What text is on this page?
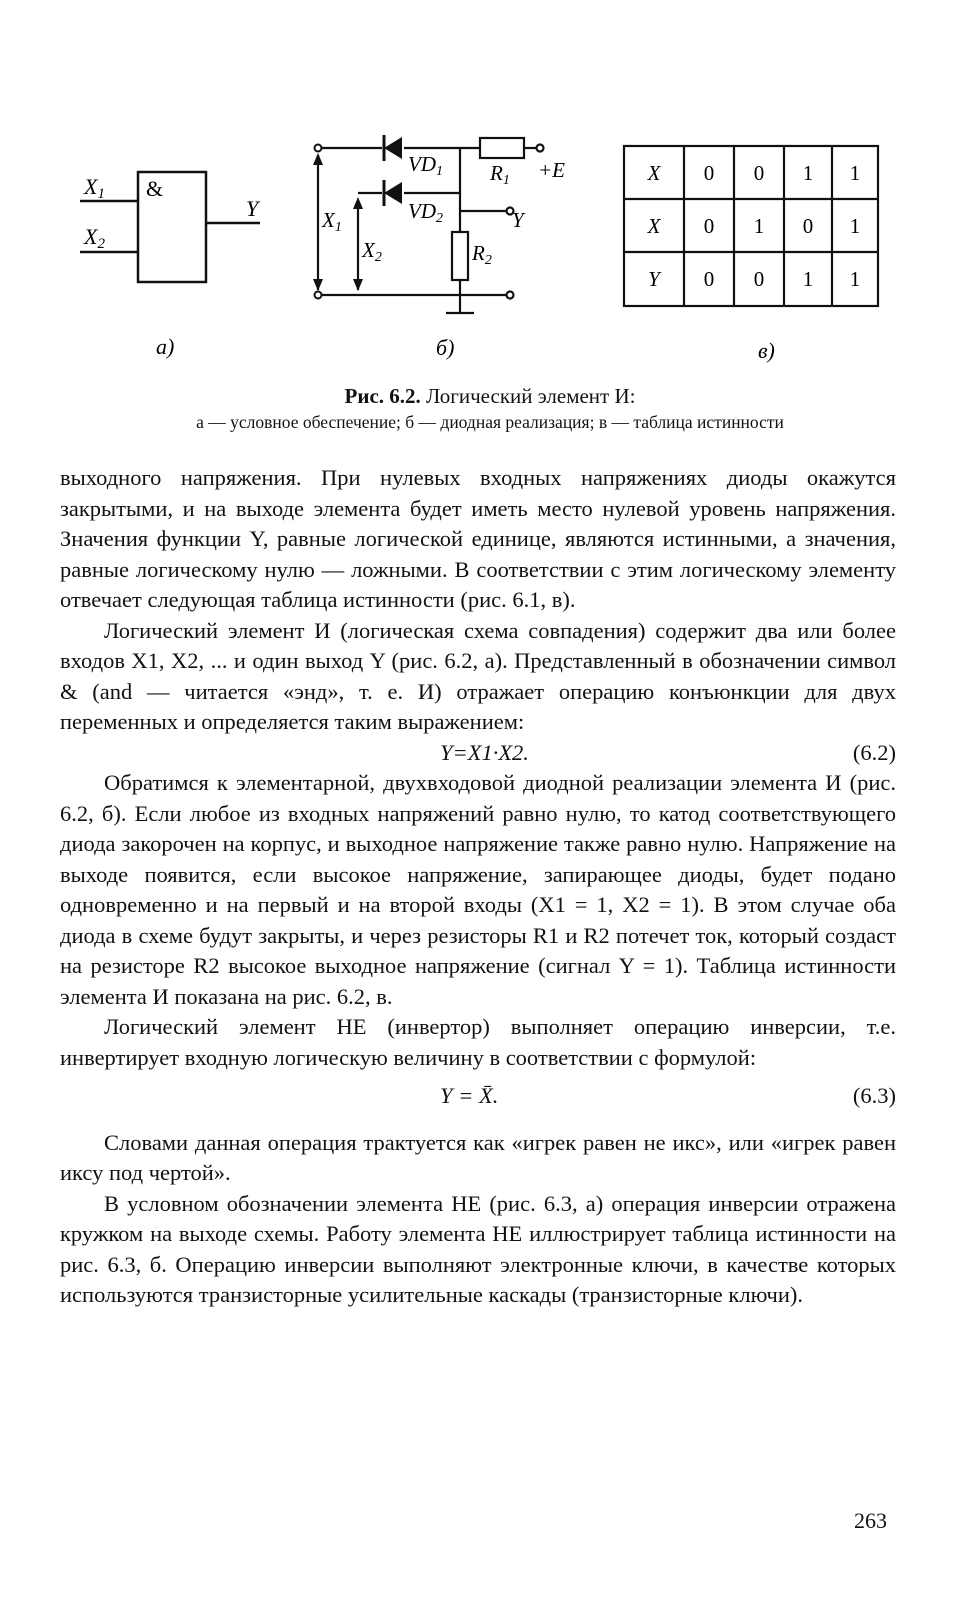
X1
X2
&
Y
а)
VD1
VD2
R1
R2
+E
Y
X1
X2
б)
X 0 0 1 1
X 0 1 0 1
Y 0 0 1 1
в)
Рис. 6.2. Логический элемент И:
а — условное обеспечение; б — диодная реализация; в — таблица истинности

выходного напряжения. При нулевых входных напряжениях диоды окажутся закрытыми, и на выходе элемента будет иметь место нулевой уровень напряжения. Значения функции Y, равные логической единице, являются истинными, а значения, равные логическому нулю — ложными. В соответствии с этим логическому элементу отвечает следующая таблица истинности (рис. 6.1, в).

Логический элемент И (логическая схема совпадения) содержит два или более входов X1, X2, ... и один выход Y (рис. 6.2, а). Представленный в обозначении символ & (and — читается «энд», т. е. И) отражает операцию конъюнкции для двух переменных и определяется таким выражением:

Y=X1·X2.	(6.2)

Обратимся к элементарной, двухвходовой диодной реализации элемента И (рис. 6.2, б). Если любое из входных напряжений равно нулю, то катод соответствующего диода закорочен на корпус, и выходное напряжение также равно нулю. Напряжение на выходе появится, если высокое напряжение, запирающее диоды, будет подано одновременно и на первый и на второй входы (X1 = 1, X2 = 1). В этом случае оба диода в схеме будут закрыты, и через резисторы R1 и R2 потечет ток, который создаст на резисторе R2 высокое выходное напряжение (сигнал Y = 1). Таблица истинности элемента И показана на рис. 6.2, в.

Логический элемент НЕ (инвертор) выполняет операцию инверсии, т.е. инвертирует входную логическую величину в соответствии с формулой:

Y = X̄.	(6.3)

Словами данная операция трактуется как «игрек равен не икс», или «игрек равен иксу под чертой».

В условном обозначении элемента НЕ (рис. 6.3, а) операция инверсии отражена кружком на выходе схемы. Работу элемента НЕ иллюстрирует таблица истинности на рис. 6.3, б. Операцию инверсии выполняют электронные ключи, в качестве которых используются транзисторные усилительные каскады (транзисторные ключи).

263
